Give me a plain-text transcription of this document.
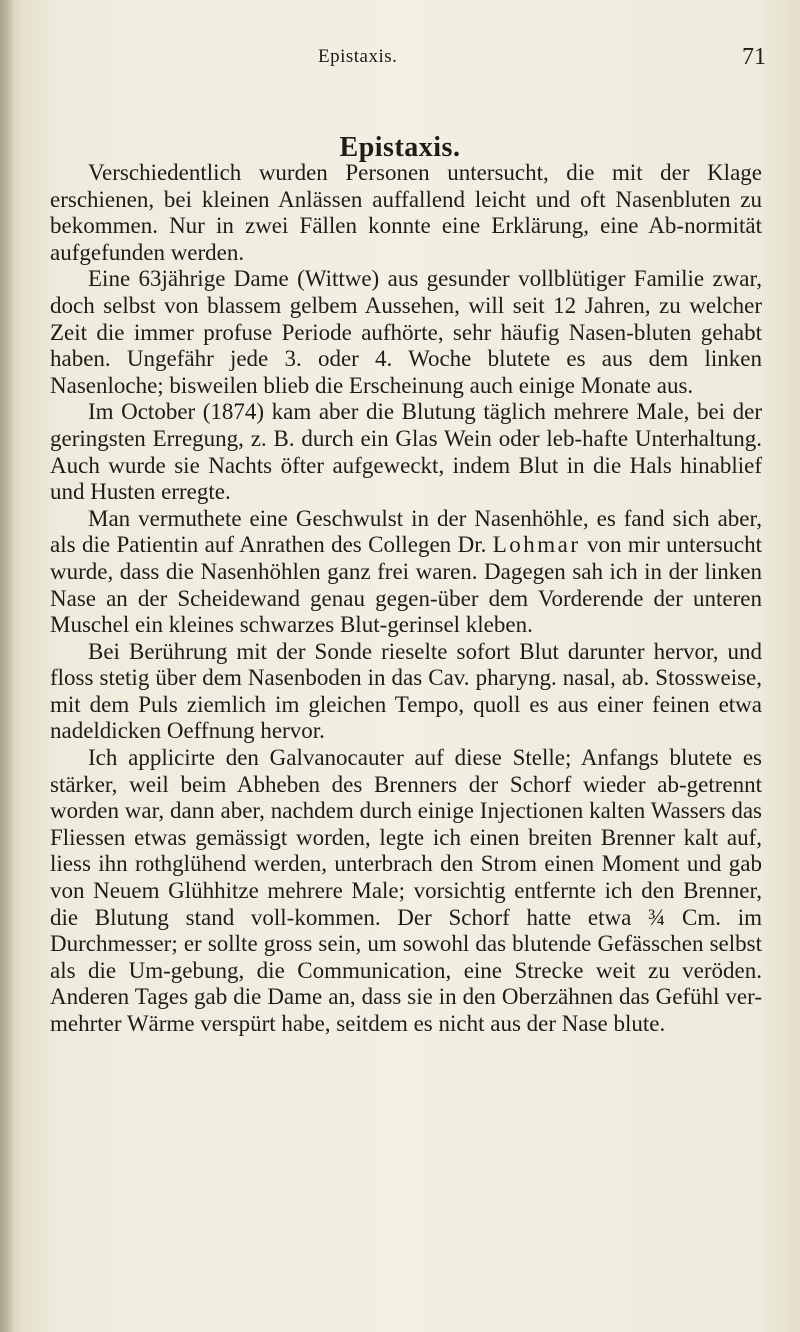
Epistaxis.	71
Epistaxis.

Verschiedentlich wurden Personen untersucht, die mit der Klage erschienen, bei kleinen Anlässen auffallend leicht und oft Nasenbluten zu bekommen. Nur in zwei Fällen konnte eine Erklärung, eine Ab-normität aufgefunden werden.

Eine 63jährige Dame (Wittwe) aus gesunder vollblütiger Familie zwar, doch selbst von blassem gelbem Aussehen, will seit 12 Jahren, zu welcher Zeit die immer profuse Periode aufhörte, sehr häufig Nasen-bluten gehabt haben. Ungefähr jede 3. oder 4. Woche blutete es aus dem linken Nasenloche; bisweilen blieb die Erscheinung auch einige Monate aus.

Im October (1874) kam aber die Blutung täglich mehrere Male, bei der geringsten Erregung, z. B. durch ein Glas Wein oder leb-hafte Unterhaltung. Auch wurde sie Nachts öfter aufgeweckt, indem Blut in die Hals hinablief und Husten erregte.

Man vermuthete eine Geschwulst in der Nasenhöhle, es fand sich aber, als die Patientin auf Anrathen des Collegen Dr. Lohmar von mir untersucht wurde, dass die Nasenhöhlen ganz frei waren. Dagegen sah ich in der linken Nase an der Scheidewand genau gegen-über dem Vorderende der unteren Muschel ein kleines schwarzes Blut-gerinsel kleben.

Bei Berührung mit der Sonde rieselte sofort Blut darunter hervor, und floss stetig über dem Nasenboden in das Cav. pharyng. nasal, ab. Stossweise, mit dem Puls ziemlich im gleichen Tempo, quoll es aus einer feinen etwa nadeldicken Oeffnung hervor.

Ich applicirte den Galvanocauter auf diese Stelle; Anfangs blutete es stärker, weil beim Abheben des Brenners der Schorf wieder ab-getrennt worden war, dann aber, nachdem durch einige Injectionen kalten Wassers das Fliessen etwas gemässigt worden, legte ich einen breiten Brenner kalt auf, liess ihn rothglühend werden, unterbrach den Strom einen Moment und gab von Neuem Glühhitze mehrere Male; vorsichtig entfernte ich den Brenner, die Blutung stand voll-kommen. Der Schorf hatte etwa ¾ Cm. im Durchmesser; er sollte gross sein, um sowohl das blutende Gefässchen selbst als die Um-gebung, die Communication, eine Strecke weit zu veröden. Anderen Tages gab die Dame an, dass sie in den Oberzähnen das Gefühl ver-mehrter Wärme verspürt habe, seitdem es nicht aus der Nase blute.
